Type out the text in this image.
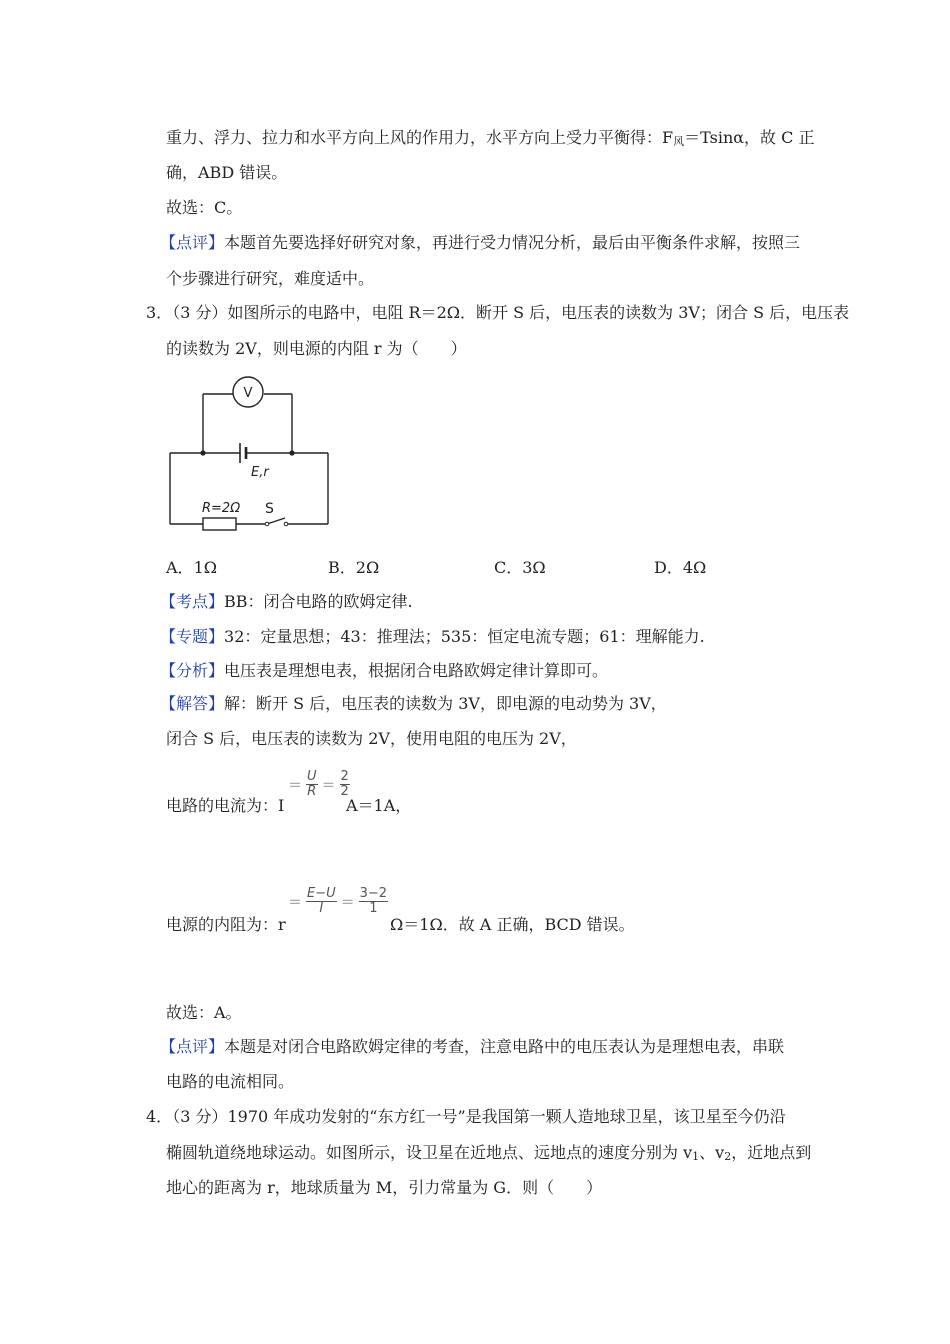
重力、浮力、拉力和水平方向上风的作用力，水平方向上受力平衡得：F风＝Tsinα，故 C 正
确，ABD 错误。
故选：C。
【点评】本题首先要选择好研究对象，再进行受力情况分析，最后由平衡条件求解，按照三
个步骤进行研究，难度适中。
3．（3 分）如图所示的电路中，电阻 R＝2Ω．断开 S 后，电压表的读数为 3V；闭合 S 后，电压表
的读数为 2V，则电源的内阻 r 为（　　）
V
E,r
R=2Ω S
A．1Ω	B．2Ω	C．3Ω	D．4Ω
【考点】BB：闭合电路的欧姆定律.
【专题】32：定量思想；43：推理法；535：恒定电流专题；61：理解能力.
【分析】电压表是理想电表，根据闭合电路欧姆定律计算即可。
【解答】解：断开 S 后，电压表的读数为 3V，即电源的电动势为 3V，
闭合 S 后，电压表的读数为 2V，使用电阻的电压为 2V，
电路的电流为：I
＝ $\frac{U}{R} = \frac{2}{2}$
A＝1A，
电源的内阻为：r
＝ $\frac{E-U}{I} = \frac{3-2}{1}$
Ω＝1Ω．故 A 正确，BCD 错误。
故选：A。
【点评】本题是对闭合电路欧姆定律的考查，注意电路中的电压表认为是理想电表，串联
电路的电流相同。
4．（3 分）1970 年成功发射的“东方红一号”是我国第一颗人造地球卫星，该卫星至今仍沿
椭圆轨道绕地球运动。如图所示，设卫星在近地点、远地点的速度分别为 v1、v2，近地点到
地心的距离为 r，地球质量为 M，引力常量为 G．则（　　）
